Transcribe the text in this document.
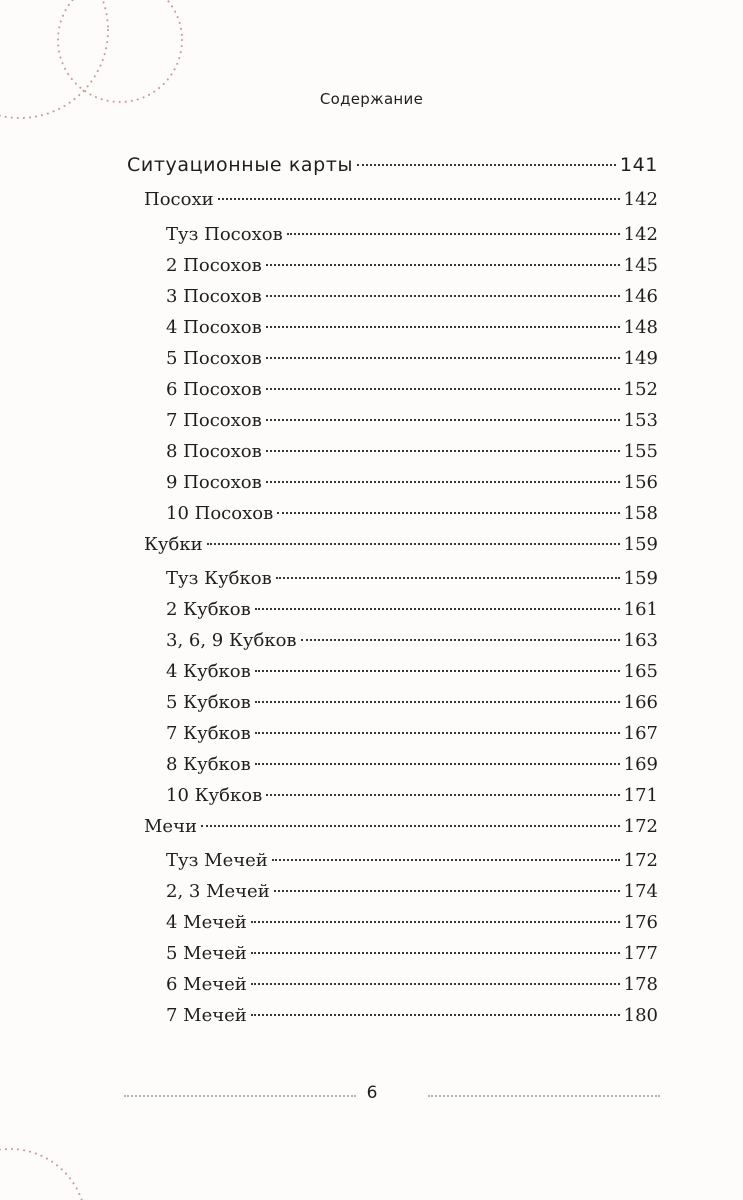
Содержание
Ситуационные карты	141
Посохи	142
Туз Посохов	142
2 Посохов	145
3 Посохов	146
4 Посохов	148
5 Посохов	149
6 Посохов	152
7 Посохов	153
8 Посохов	155
9 Посохов	156
10 Посохов	158
Кубки	159
Туз Кубков	159
2 Кубков	161
3, 6, 9 Кубков	163
4 Кубков	165
5 Кубков	166
7 Кубков	167
8 Кубков	169
10 Кубков	171
Мечи	172
Туз Мечей	172
2, 3 Мечей	174
4 Мечей	176
5 Мечей	177
6 Мечей	178
7 Мечей	180
6
